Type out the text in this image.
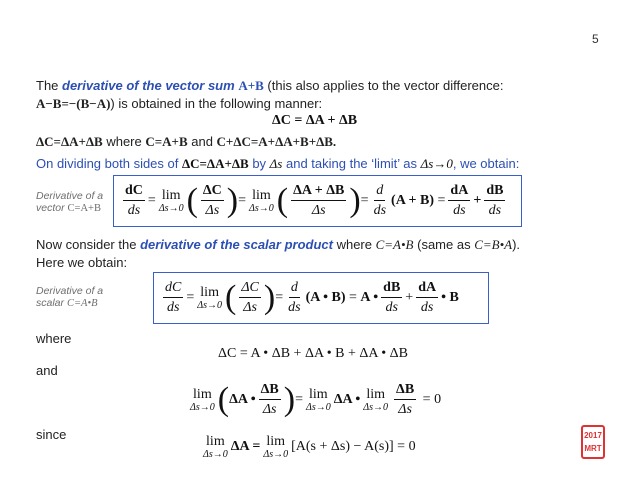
5
The derivative of the vector sum A+B (this also applies to the vector difference:
A−B=−(B−A)) is obtained in the following manner:
ΔC = ΔA + ΔB
ΔC=ΔA+ΔB where C=A+B and C+ΔC=A+ΔA+B+ΔB.
On dividing both sides of ΔC=ΔA+ΔB by Δs and taking the ‘limit’ as Δs→0, we obtain:
Derivative of a
vector $C=A+B \frac{dC}{ds} = \lim$
Δs→0 ( $\frac{\Delta C}{\Delta s}$ ) = lim
Δs→0 ( $\frac{\Delta A + \Delta B}{\Delta s}$ ) = $\frac{d}{ds} (A + B) = \frac{dA}{ds} + \frac{dB}{ds}$
Now consider the derivative of the scalar product where C=A•B (same as C=B•A).
Here we obtain:
Derivative of a
scalar C=A•B	$\frac{dC}{ds} = \lim$
Δs→0 ( $\frac{\Delta C}{\Delta s}$ ) = $\frac{d}{ds} (A$ • B) = A • $\frac{dB}{ds} + \frac{dA}{ds}$ • B
where
ΔC = A • ΔB + ΔA • B + ΔA • ΔB
and
lim
Δs→0 ( ΔA • $\frac{\Delta B}{\Delta s}$ ) = lim
Δs→0
ΔA • lim
$\Delta s\to 0 \frac{\Delta B}{\Delta s} = 0$
since	lim
Δs→0
ΔA = lim
Δs→0
[A(s + Δs) − A(s)] = 0
2017
MRT
